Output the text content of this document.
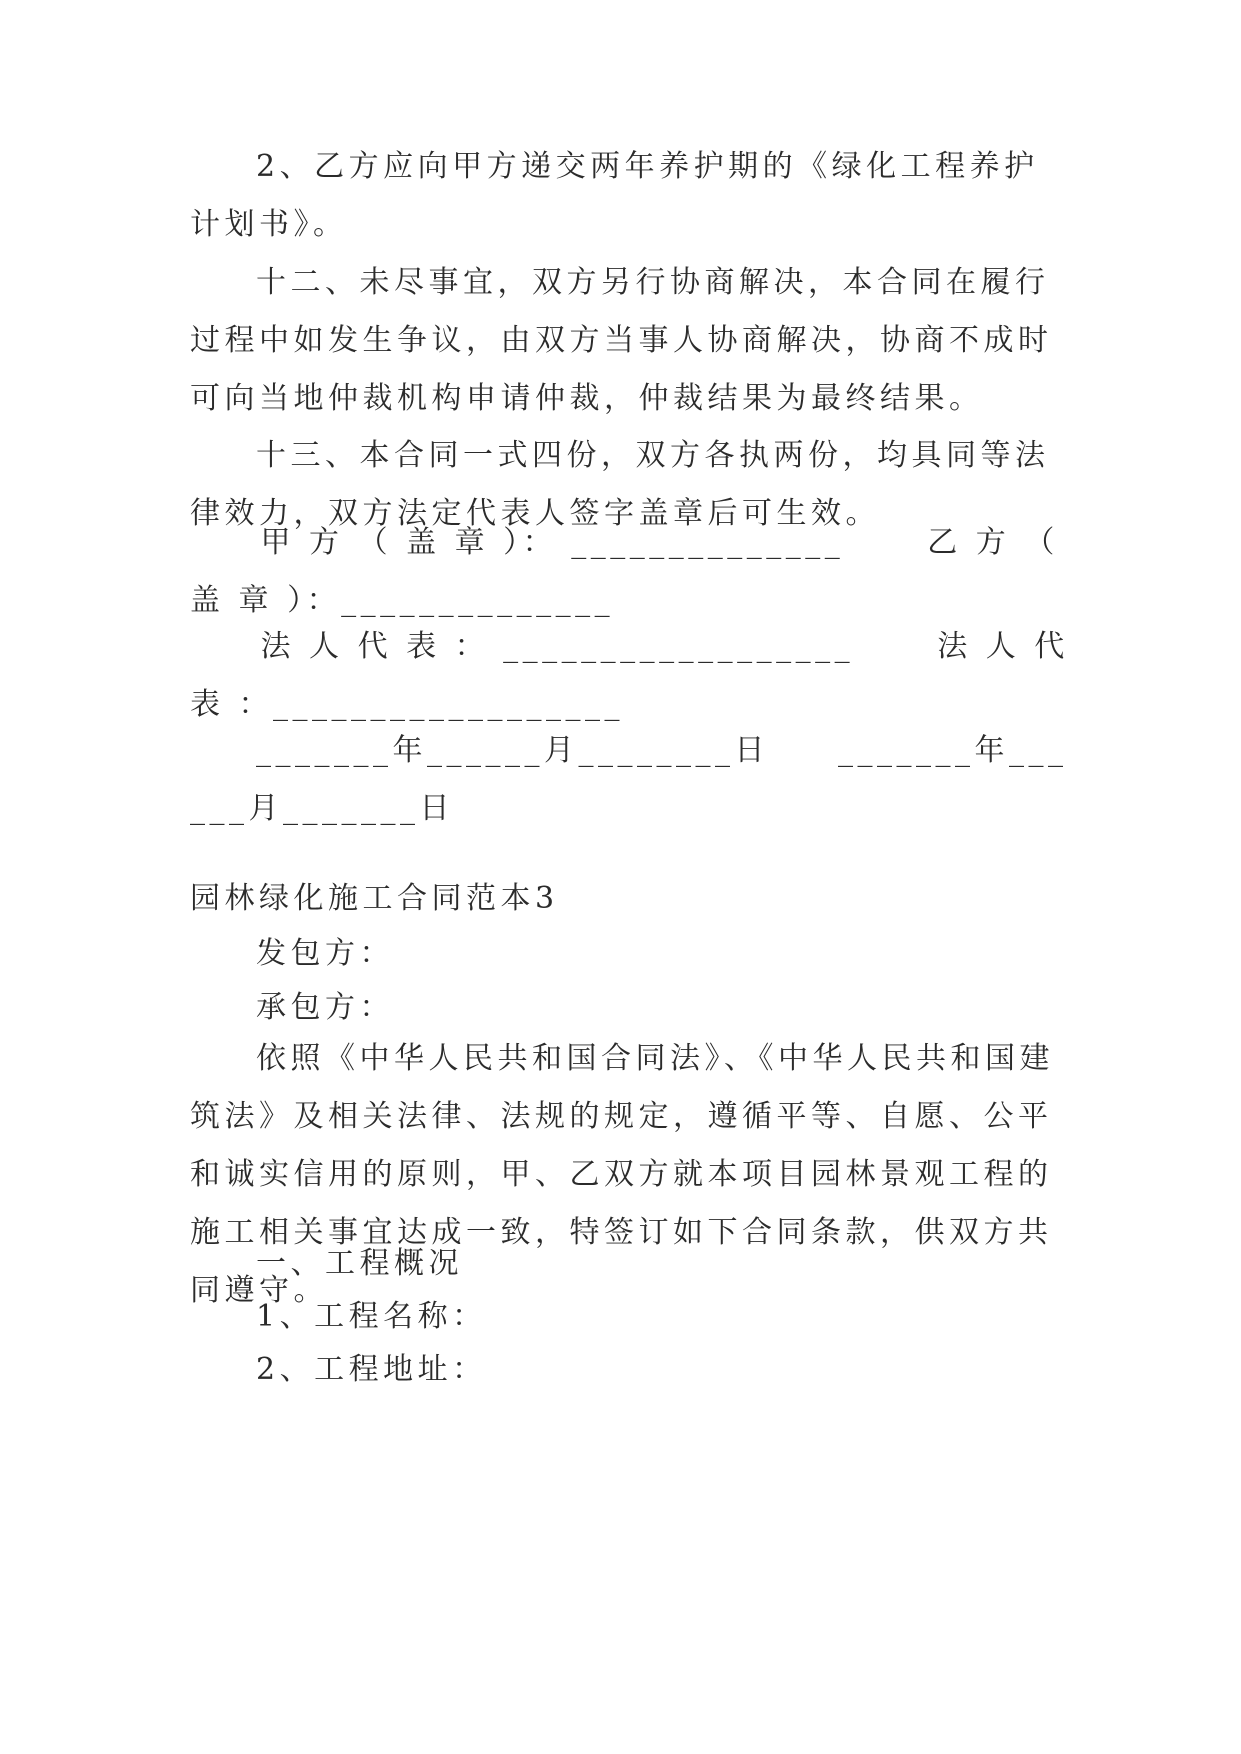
2、乙方应向甲方递交两年养护期的《绿化工程养护计划书》。

十二、未尽事宜，双方另行协商解决，本合同在履行过程中如发生争议，由双方当事人协商解决，协商不成时可向当地仲裁机构申请仲裁，仲裁结果为最终结果。

十三、本合同一式四份，双方各执两份，均具同等法律效力，双方法定代表人签字盖章后可生效。

　甲 方 （ 盖 章 ）： ______________　　 乙 方 （ 盖 章 ）：______________

　法 人 代 表 ： __________________　　 法 人 代 表 ：__________________

_______年______月________日　　_______年______月_______日

园林绿化施工合同范本3

发包方：

承包方：

依照《中华人民共和国合同法》、《中华人民共和国建筑法》及相关法律、法规的规定，遵循平等、自愿、公平和诚实信用的原则，甲、乙双方就本项目园林景观工程的施工相关事宜达成一致，特签订如下合同条款，供双方共同遵守。

一、工程概况

1、工程名称：

2、工程地址：
